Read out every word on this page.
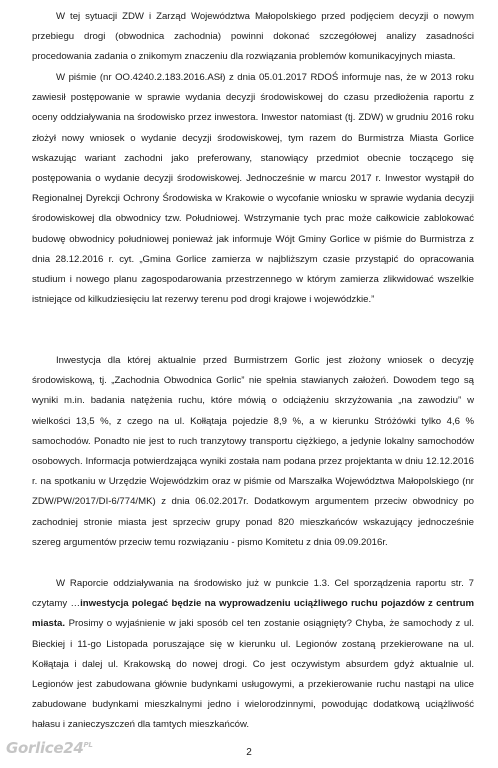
W tej sytuacji ZDW i Zarząd Województwa Małopolskiego przed podjęciem decyzji o nowym przebiegu drogi (obwodnica zachodnia) powinni dokonać szczegółowej analizy zasadności procedowania zadania o znikomym znaczeniu dla rozwiązania problemów komunikacyjnych miasta.

W piśmie (nr OO.4240.2.183.2016.ASł) z dnia 05.01.2017 RDOŚ informuje nas, że w 2013 roku zawiesił postępowanie w sprawie wydania decyzji środowiskowej do czasu przedłożenia raportu z oceny oddziaływania na środowisko przez inwestora. Inwestor natomiast (tj. ZDW) w grudniu 2016 roku złożył nowy wniosek o wydanie decyzji środowiskowej, tym razem do Burmistrza Miasta Gorlice wskazując wariant zachodni jako preferowany, stanowiący przedmiot obecnie toczącego się postępowania o wydanie decyzji środowiskowej. Jednocześnie w marcu 2017 r. Inwestor wystąpił do Regionalnej Dyrekcji Ochrony Środowiska w Krakowie o wycofanie wniosku w sprawie wydania decyzji środowiskowej dla obwodnicy tzw. Południowej. Wstrzymanie tych prac może całkowicie zablokować budowę obwodnicy południowej ponieważ jak informuje Wójt Gminy Gorlice w piśmie do Burmistrza z dnia 28.12.2016 r. cyt. „Gmina Gorlice zamierza w najbliższym czasie przystąpić do opracowania studium i nowego planu zagospodarowania przestrzennego w którym zamierza zlikwidować wszelkie istniejące od kilkudziesięciu lat rezerwy terenu pod drogi krajowe i wojewódzkie.”

Inwestycja dla której aktualnie przed Burmistrzem Gorlic jest złożony wniosek o decyzję środowiskową, tj. „Zachodnia Obwodnica Gorlic” nie spełnia stawianych założeń. Dowodem tego są wyniki m.in. badania natężenia ruchu, które mówią o odciążeniu skrzyżowania „na zawodziu” w wielkości 13,5 %, z czego na ul. Kołłątaja pojedzie 8,9 %, a w kierunku Stróżówki tylko 4,6 % samochodów. Ponadto nie jest to ruch tranzytowy transportu ciężkiego, a jedynie lokalny samochodów osobowych. Informacja potwierdzająca wyniki została nam podana przez projektanta w dniu 12.12.2016 r. na spotkaniu w Urzędzie Wojewódzkim oraz w piśmie od Marszałka Województwa Małopolskiego (nr ZDW/PW/2017/DI-6/774/MK) z dnia 06.02.2017r. Dodatkowym argumentem przeciw obwodnicy po zachodniej stronie miasta jest sprzeciw grupy ponad 820 mieszkańców wskazujący jednocześnie szereg argumentów przeciw temu rozwiązaniu - pismo Komitetu z dnia 09.09.2016r.

W Raporcie oddziaływania na środowisko już w punkcie 1.3. Cel sporządzenia raportu str. 7 czytamy …inwestycja polegać będzie na wyprowadzeniu uciążliwego ruchu pojazdów z centrum miasta. Prosimy o wyjaśnienie w jaki sposób cel ten zostanie osiągnięty? Chyba, że samochody z ul. Bieckiej i 11-go Listopada poruszające się w kierunku ul. Legionów zostaną przekierowane na ul. Kołłątaja i dalej ul. Krakowską do nowej drogi. Co jest oczywistym absurdem gdyż aktualnie ul. Legionów jest zabudowana głównie budynkami usługowymi, a przekierowanie ruchu nastąpi na ulice zabudowane budynkami mieszkalnymi jedno i wielorodzinnymi, powodując dodatkową uciążliwość hałasu i zanieczyszczeń dla tamtych mieszkańców.

2
$Gorlice24^{PL}$
